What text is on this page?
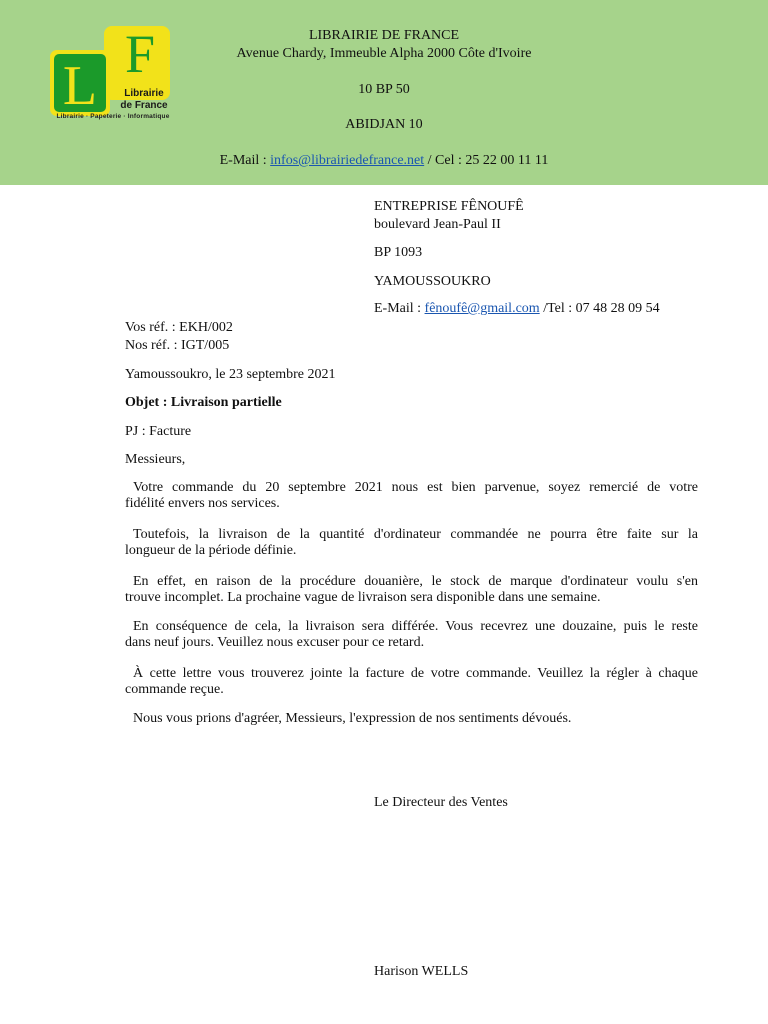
L
F
Librairie
de France
Librairie · Papeterie · Informatique
LIBRAIRIE DE FRANCE
Avenue Chardy, Immeuble Alpha 2000 Côte d'Ivoire
10 BP 50
ABIDJAN 10
E-Mail : infos@librairiedefrance.net / Cel : 25 22 00 11 11
ENTREPRISE FÊNOUFÊ
boulevard Jean-Paul II
BP 1093
YAMOUSSOUKRO
E-Mail : fênoufê@gmail.com /Tel : 07 48 28 09 54
Vos réf. : EKH/002
Nos réf. : IGT/005
Yamoussoukro, le 23 septembre 2021
Objet : Livraison partielle
PJ : Facture
Messieurs,
Votre commande du 20 septembre 2021 nous est bien parvenue, soyez remercié de votre
fidélité envers nos services.
Toutefois, la livraison de la quantité d'ordinateur commandée ne pourra être faite sur la
longueur de la période définie.
En effet, en raison de la procédure douanière, le stock de marque d'ordinateur voulu s'en
trouve incomplet. La prochaine vague de livraison sera disponible dans une semaine.
En conséquence de cela, la livraison sera différée. Vous recevrez une douzaine, puis le reste
dans neuf jours. Veuillez nous excuser pour ce retard.
À cette lettre vous trouverez jointe la facture de votre commande. Veuillez la régler à chaque
commande reçue.
Nous vous prions d'agréer, Messieurs, l'expression de nos sentiments dévoués.
Le Directeur des Ventes
Harison WELLS
